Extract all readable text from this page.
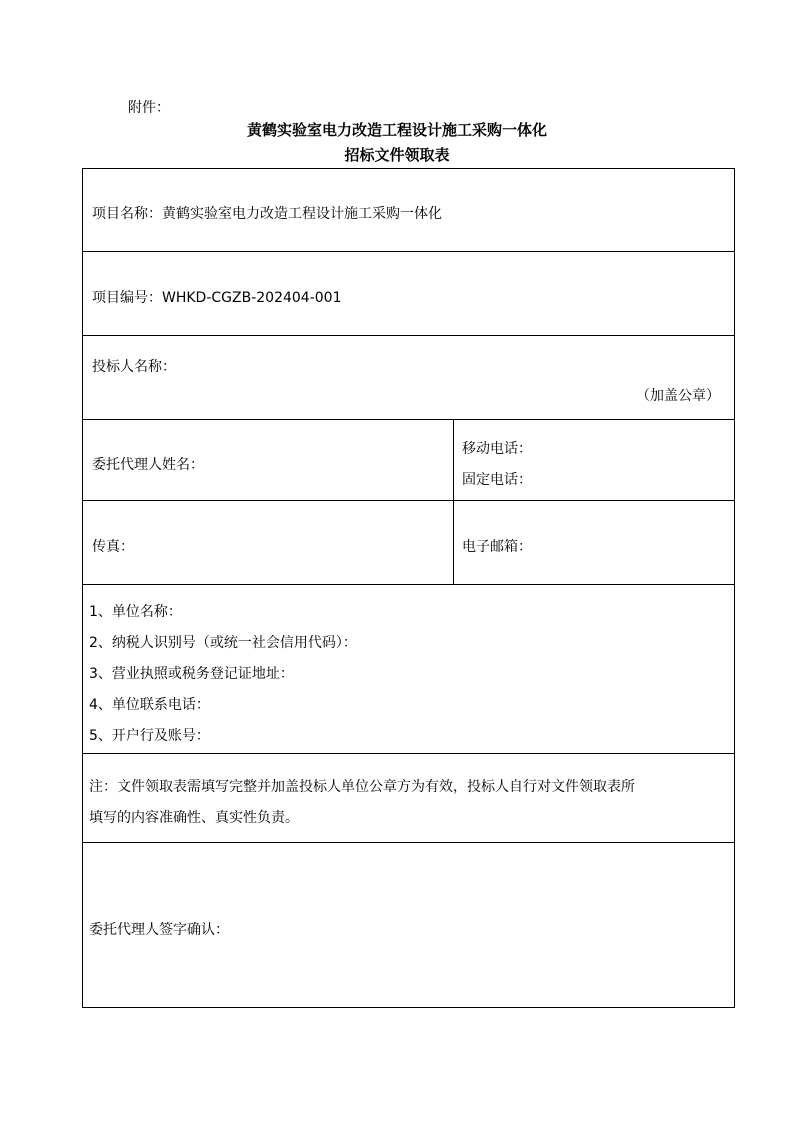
附件：
黄鹤实验室电力改造工程设计施工采购一体化
招标文件领取表
项目名称：黄鹤实验室电力改造工程设计施工采购一体化
项目编号：WHKD-CGZB-202404-001
投标人名称：
（加盖公章）
委托代理人姓名：
移动电话：
固定电话：
传真：	电子邮箱：
1、单位名称：
2、纳税人识别号（或统一社会信用代码）：
3、营业执照或税务登记证地址：
4、单位联系电话：
5、开户行及账号：
注：文件领取表需填写完整并加盖投标人单位公章方为有效，投标人自行对文件领取表所
填写的内容准确性、真实性负责。
委托代理人签字确认：
